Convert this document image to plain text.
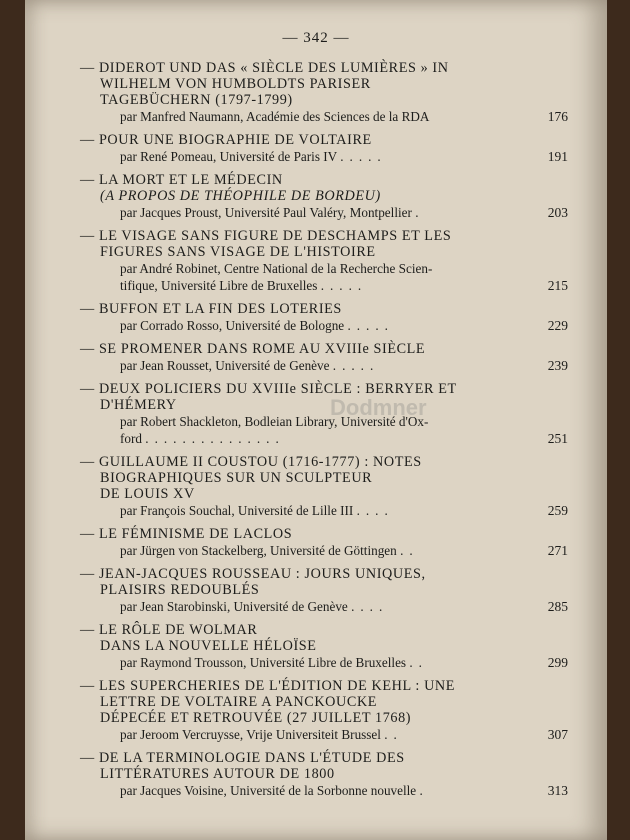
— 342 —
— DIDEROT UND DAS « SIÈCLE DES LUMIÈRES » IN
WILHELM VON HUMBOLDTS PARISER
TAGEBÜCHERN (1797-1799)
par Manfred Naumann, Académie des Sciences de la RDA	176
— POUR UNE BIOGRAPHIE DE VOLTAIRE
par René Pomeau, Université de Paris IV .....	191
— LA MORT ET LE MÉDECIN
(A PROPOS DE THÉOPHILE DE BORDEU)
par Jacques Proust, Université Paul Valéry, Montpellier .	203
— LE VISAGE SANS FIGURE DE DESCHAMPS ET LES
FIGURES SANS VISAGE DE L'HISTOIRE
par André Robinet, Centre National de la Recherche Scien-
tifique, Université Libre de Bruxelles .....	215
— BUFFON ET LA FIN DES LOTERIES
par Corrado Rosso, Université de Bologne .....	229
— SE PROMENER DANS ROME AU XVIIIe SIÈCLE
par Jean Rousset, Université de Genève .....	239
— DEUX POLICIERS DU XVIIIe SIÈCLE : BERRYER ET
D'HÉMERY
par Robert Shackleton, Bodleian Library, Université d'Ox-
ford ...............	251
— GUILLAUME II COUSTOU (1716-1777) : NOTES
BIOGRAPHIQUES SUR UN SCULPTEUR
DE LOUIS XV
par François Souchal, Université de Lille III ....	259
— LE FÉMINISME DE LACLOS
par Jürgen von Stackelberg, Université de Göttingen ..	271
— JEAN-JACQUES ROUSSEAU : JOURS UNIQUES,
PLAISIRS REDOUBLÉS
par Jean Starobinski, Université de Genève ....	285
— LE RÔLE DE WOLMAR
DANS LA NOUVELLE HÉLOÏSE
par Raymond Trousson, Université Libre de Bruxelles ..	299
— LES SUPERCHERIES DE L'ÉDITION DE KEHL : UNE
LETTRE DE VOLTAIRE A PANCKOUCKE
DÉPECÉE ET RETROUVÉE (27 JUILLET 1768)
par Jeroom Vercruysse, Vrije Universiteit Brussel ..	307
— DE LA TERMINOLOGIE DANS L'ÉTUDE DES
LITTÉRATURES AUTOUR DE 1800
par Jacques Voisine, Université de la Sorbonne nouvelle .	313
Dodmner
